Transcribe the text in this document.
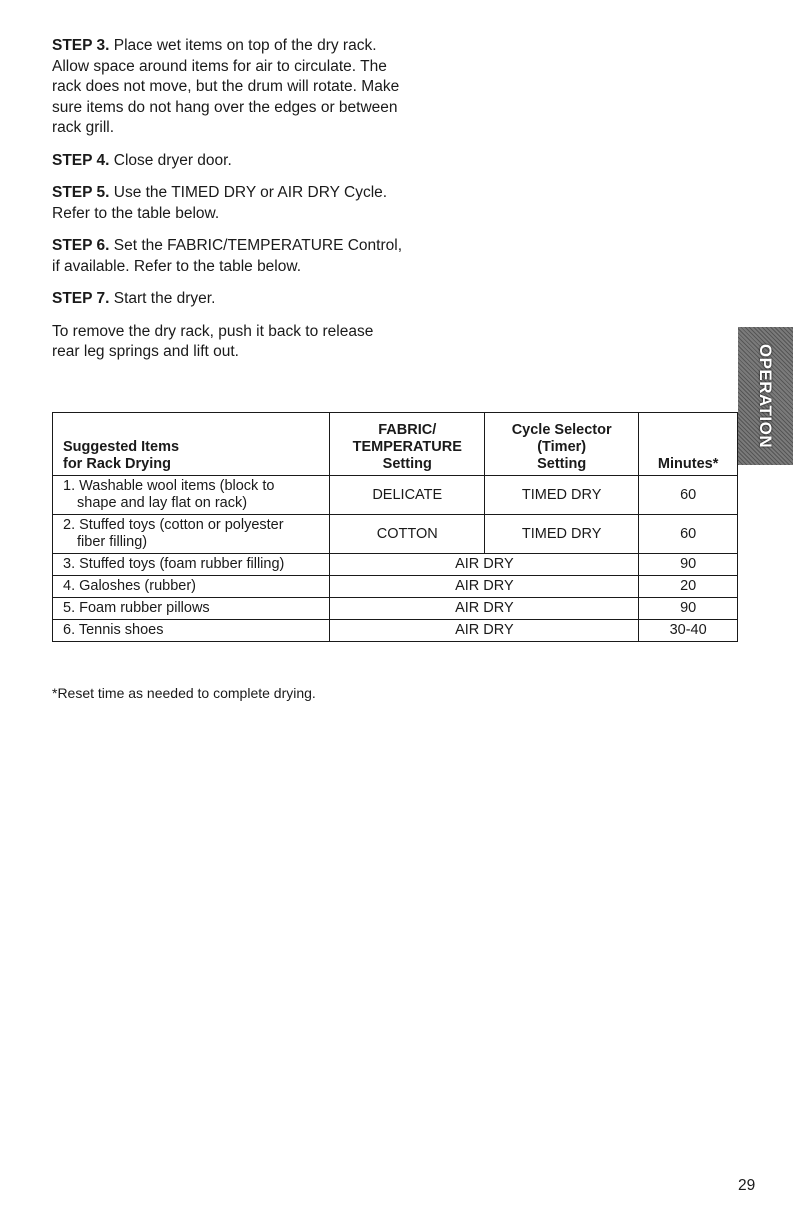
STEP 3. Place wet items on top of the dry rack. Allow space around items for air to circulate. The rack does not move, but the drum will rotate. Make sure items do not hang over the edges or between rack grill.

STEP 4. Close dryer door.

STEP 5. Use the TIMED DRY or AIR DRY Cycle. Refer to the table below.

STEP 6. Set the FABRIC/TEMPERATURE Control, if available. Refer to the table below.

STEP 7. Start the dryer.

To remove the dry rack, push it back to release rear leg springs and lift out.	OPERATION
Suggested Items
for Rack Drying	FABRIC/
TEMPERATURE
Setting	Cycle Selector
(Timer)
Setting	Minutes*

1. Washable wool items (block to
shape and lay flat on rack)	DELICATE	TIMED DRY	60
2. Stuffed toys (cotton or polyester
fiber filling)	COTTON	TIMED DRY	60
3. Stuffed toys (foam rubber filling)	AIR DRY		90
4. Galoshes (rubber)	AIR DRY		20
5. Foam rubber pillows	AIR DRY		90
6. Tennis shoes	AIR DRY		30-40
*Reset time as needed to complete drying.
29
